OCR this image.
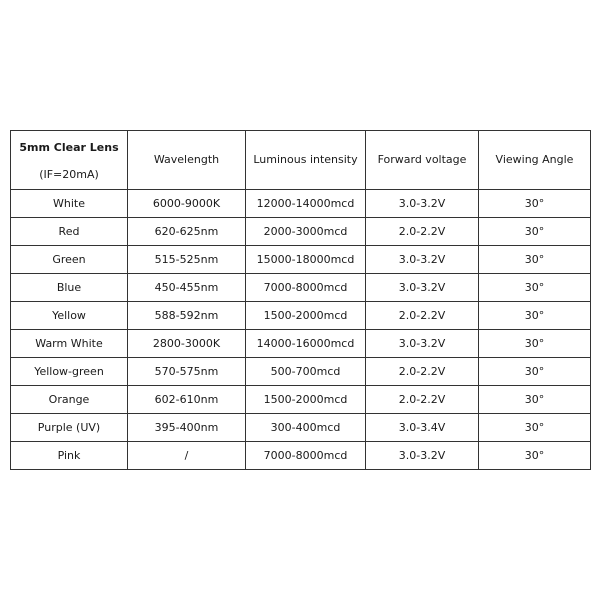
5mm Clear Lens
(IF=20mA)	Wavelength	Luminous intensity	Forward voltage	Viewing Angle
White	6000-9000K	12000-14000mcd	3.0-3.2V	30°
Red	620-625nm	2000-3000mcd	2.0-2.2V	30°
Green	515-525nm	15000-18000mcd	3.0-3.2V	30°
Blue	450-455nm	7000-8000mcd	3.0-3.2V	30°
Yellow	588-592nm	1500-2000mcd	2.0-2.2V	30°
Warm White	2800-3000K	14000-16000mcd	3.0-3.2V	30°
Yellow-green	570-575nm	500-700mcd	2.0-2.2V	30°
Orange	602-610nm	1500-2000mcd	2.0-2.2V	30°
Purple (UV)	395-400nm	300-400mcd	3.0-3.4V	30°
Pink	/	7000-8000mcd	3.0-3.2V	30°
